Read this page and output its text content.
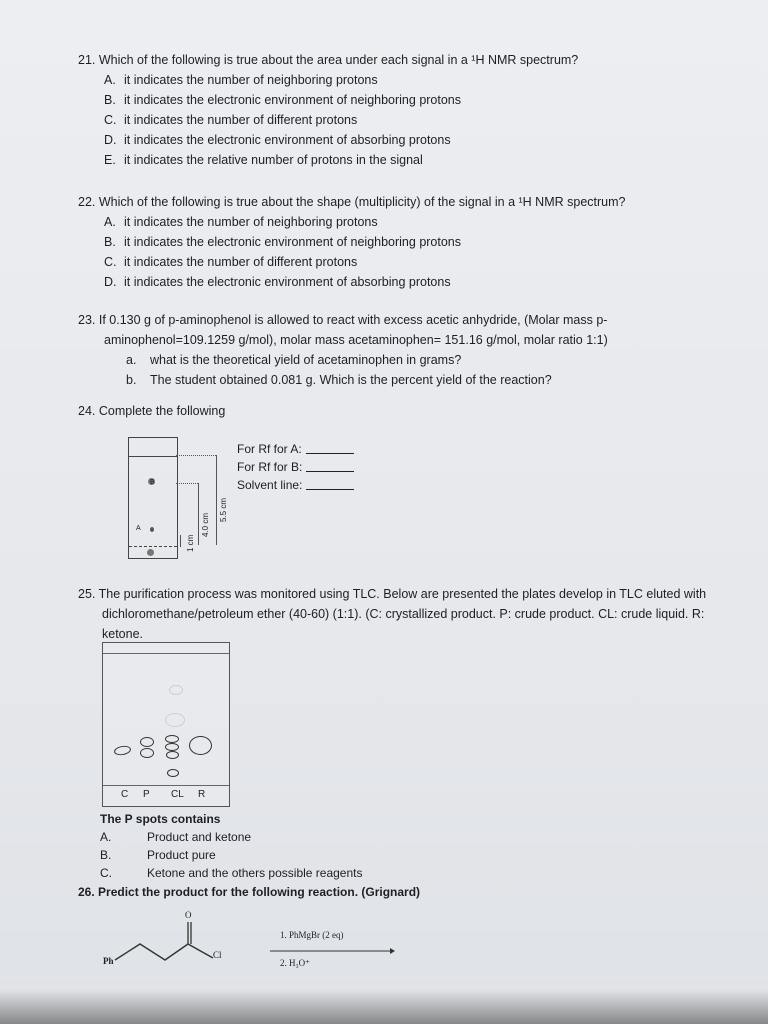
21. Which of the following is true about the area under each signal in a ¹H NMR spectrum?
A. it indicates the number of neighboring protons
B. it indicates the electronic environment of neighboring protons
C. it indicates the number of different protons
D. it indicates the electronic environment of absorbing protons
E. it indicates the relative number of protons in the signal
22. Which of the following is true about the shape (multiplicity) of the signal in a ¹H NMR spectrum?
A. it indicates the number of neighboring protons
B. it indicates the electronic environment of neighboring protons
C. it indicates the number of different protons
D. it indicates the electronic environment of absorbing protons
23. If 0.130 g of p-aminophenol is allowed to react with excess acetic anhydride, (Molar mass p-
aminophenol=109.1259 g/mol), molar mass acetaminophen= 151.16 g/mol, molar ratio 1:1)
a.	what is the theoretical yield of acetaminophen in grams?
b.	The student obtained 0.081 g. Which is the percent yield of the reaction?
24. Complete the following
B
A	4.0 cm
5.5 cm
1 cm
For Rf for A:
For Rf for B:
Solvent line:
25. The purification process was monitored using TLC. Below are presented the plates develop in TLC eluted with
dichloromethane/petroleum ether (40-60) (1:1). (C: crystallized product. P: crude product. CL: crude liquid. R:
ketone.
C P CL R
The P spots contains
A.	Product and ketone
B.	Product pure
C.	Ketone and the others possible reagents
26. Predict the product for the following reaction. (Grignard)
Ph
Cl
O
1. PhMgBr (2 eq)
2. H₃O⁺
